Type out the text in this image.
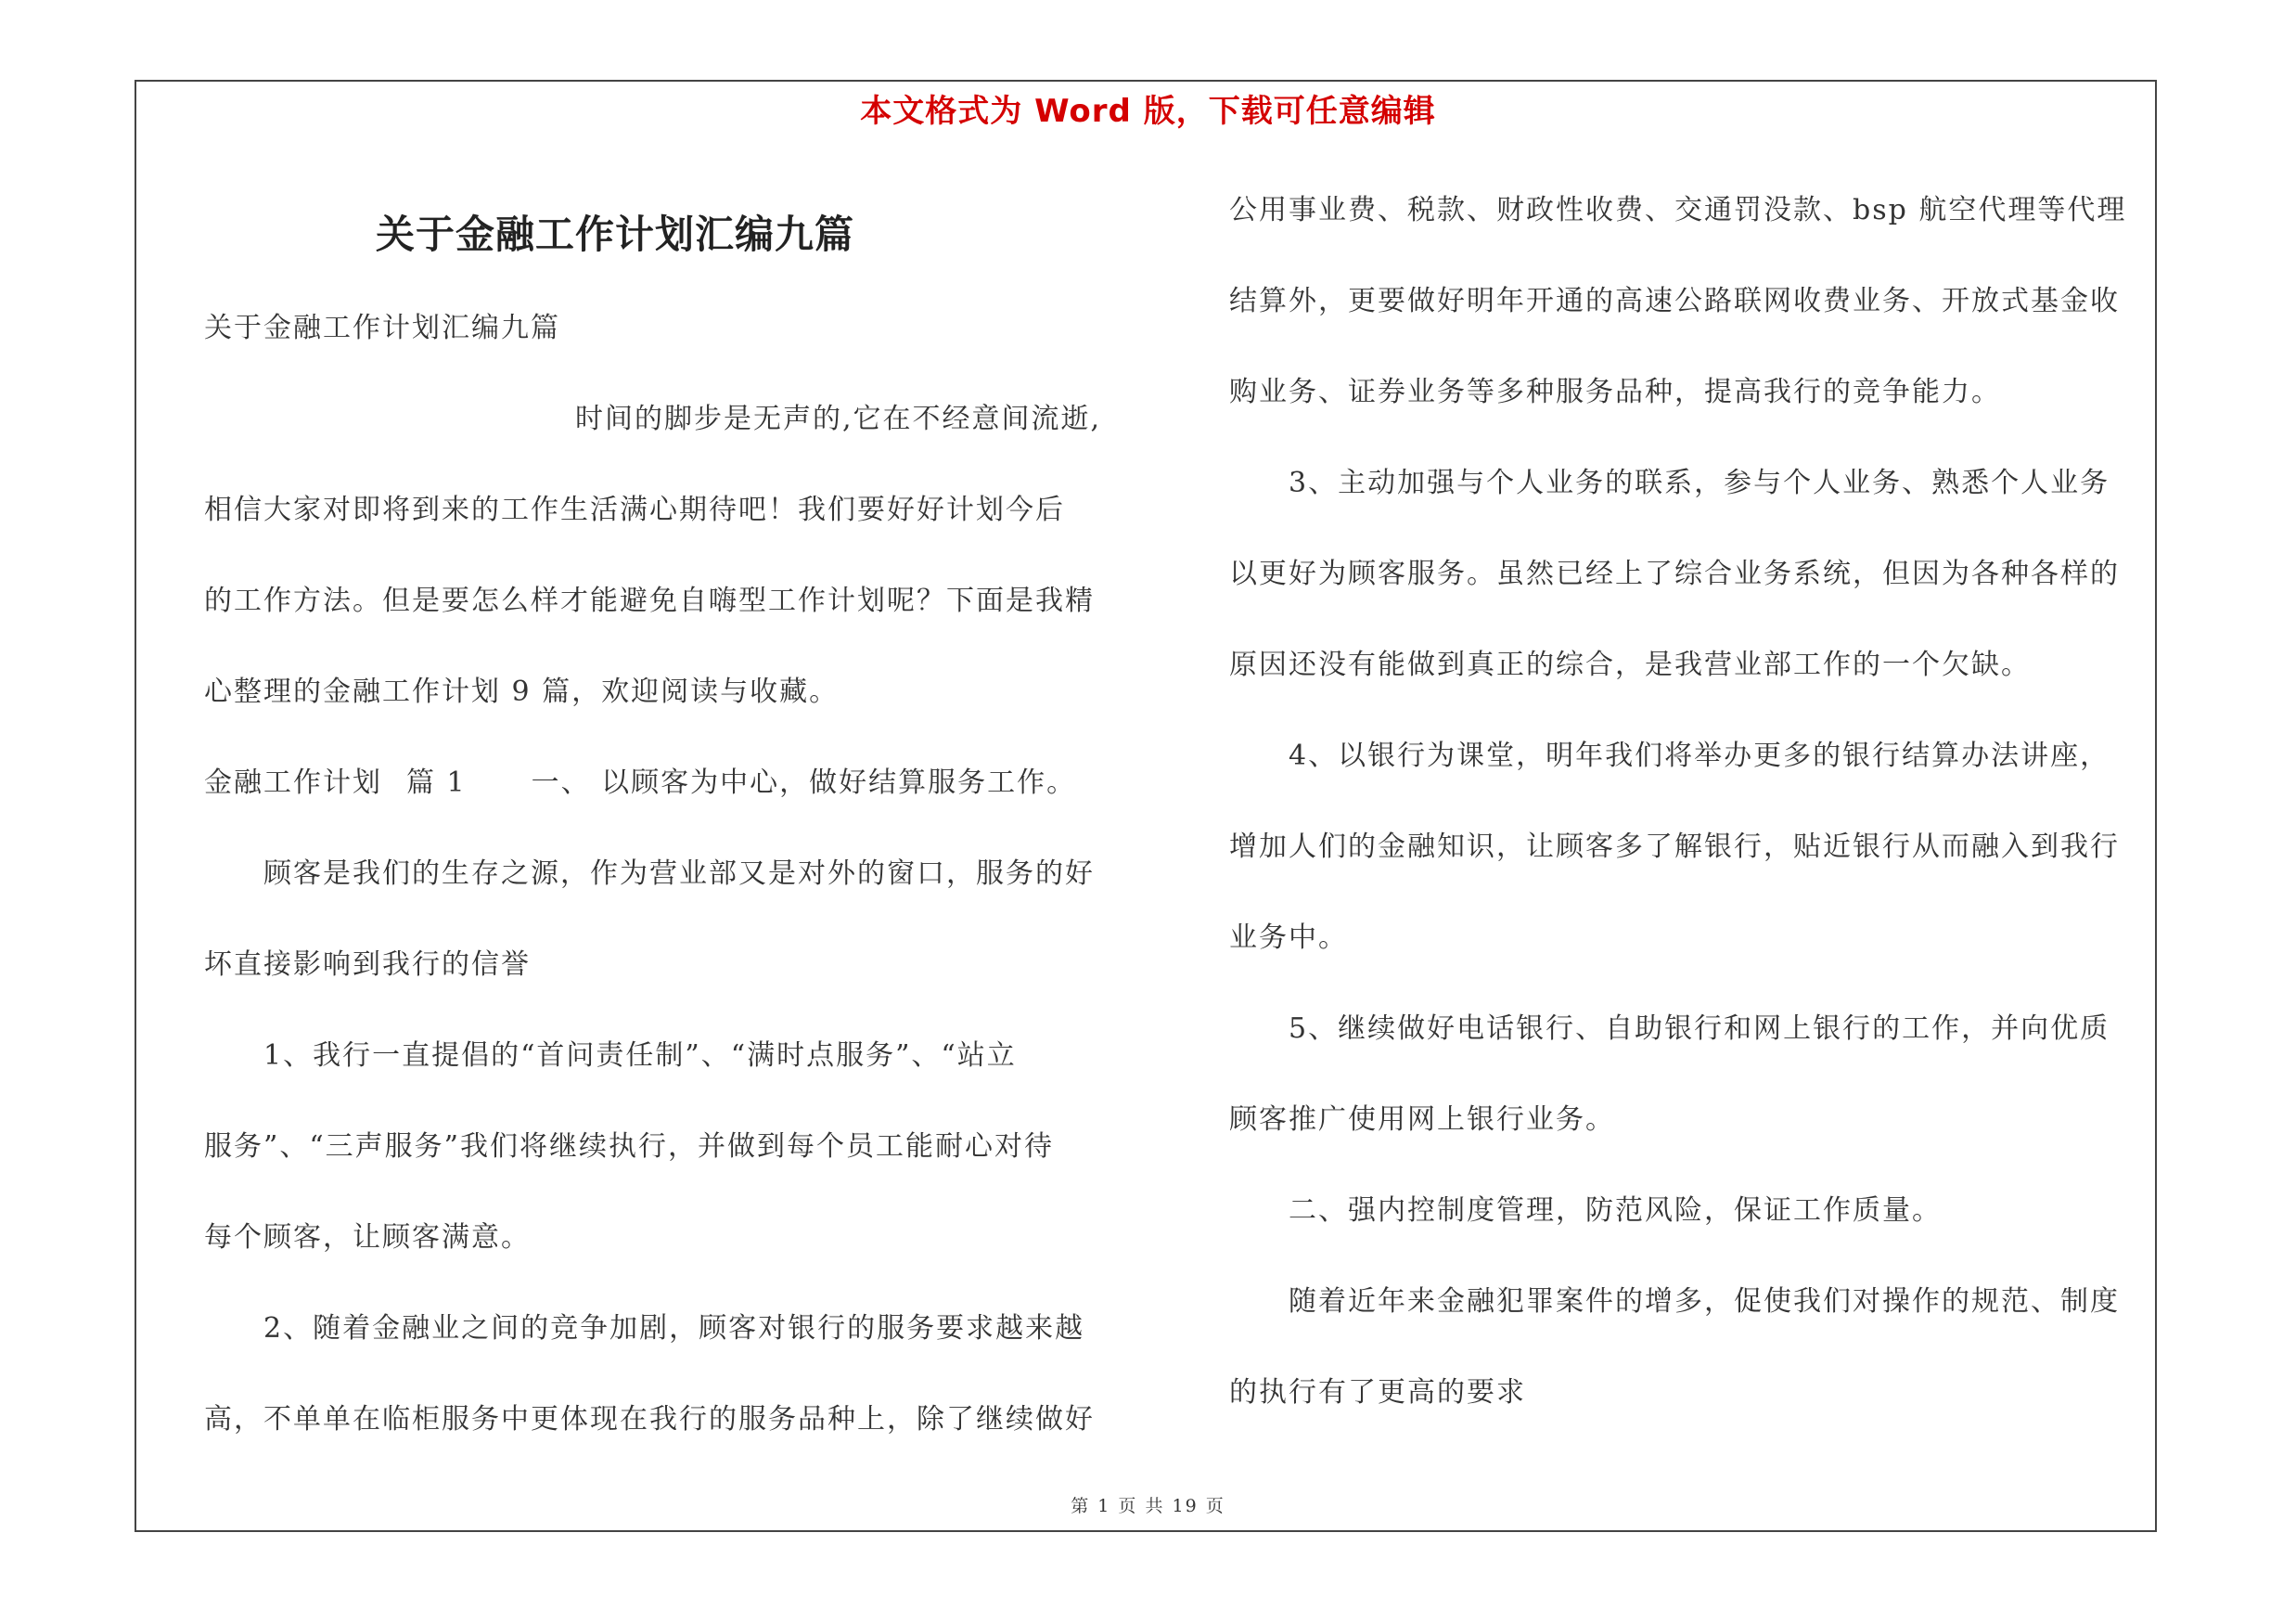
本文格式为 Word 版，下载可任意编辑
关于金融工作计划汇编九篇
关于金融工作计划汇编九篇
时间的脚步是无声的,它在不经意间流逝,
相信大家对即将到来的工作生活满心期待吧！我们要好好计划今后
的工作方法。但是要怎么样才能避免自嗨型工作计划呢？下面是我精
心整理的金融工作计划 9 篇，欢迎阅读与收藏。
金融工作计划 篇 1 一、 以顾客为中心，做好结算服务工作。
顾客是我们的生存之源，作为营业部又是对外的窗口，服务的好
坏直接影响到我行的信誉
1、我行一直提倡的“首问责任制”、“满时点服务”、“站立
服务”、“三声服务”我们将继续执行，并做到每个员工能耐心对待
每个顾客，让顾客满意。
2、随着金融业之间的竞争加剧，顾客对银行的服务要求越来越
高，不单单在临柜服务中更体现在我行的服务品种上，除了继续做好
公用事业费、税款、财政性收费、交通罚没款、bsp 航空代理等代理
结算外，更要做好明年开通的高速公路联网收费业务、开放式基金收
购业务、证券业务等多种服务品种，提高我行的竞争能力。
3、主动加强与个人业务的联系，参与个人业务、熟悉个人业务
以更好为顾客服务。虽然已经上了综合业务系统，但因为各种各样的
原因还没有能做到真正的综合，是我营业部工作的一个欠缺。
4、以银行为课堂，明年我们将举办更多的银行结算办法讲座，
增加人们的金融知识，让顾客多了解银行，贴近银行从而融入到我行
业务中。
5、继续做好电话银行、自助银行和网上银行的工作，并向优质
顾客推广使用网上银行业务。
二、强内控制度管理，防范风险，保证工作质量。
随着近年来金融犯罪案件的增多，促使我们对操作的规范、制度
的执行有了更高的要求
第 1 页 共 19 页
